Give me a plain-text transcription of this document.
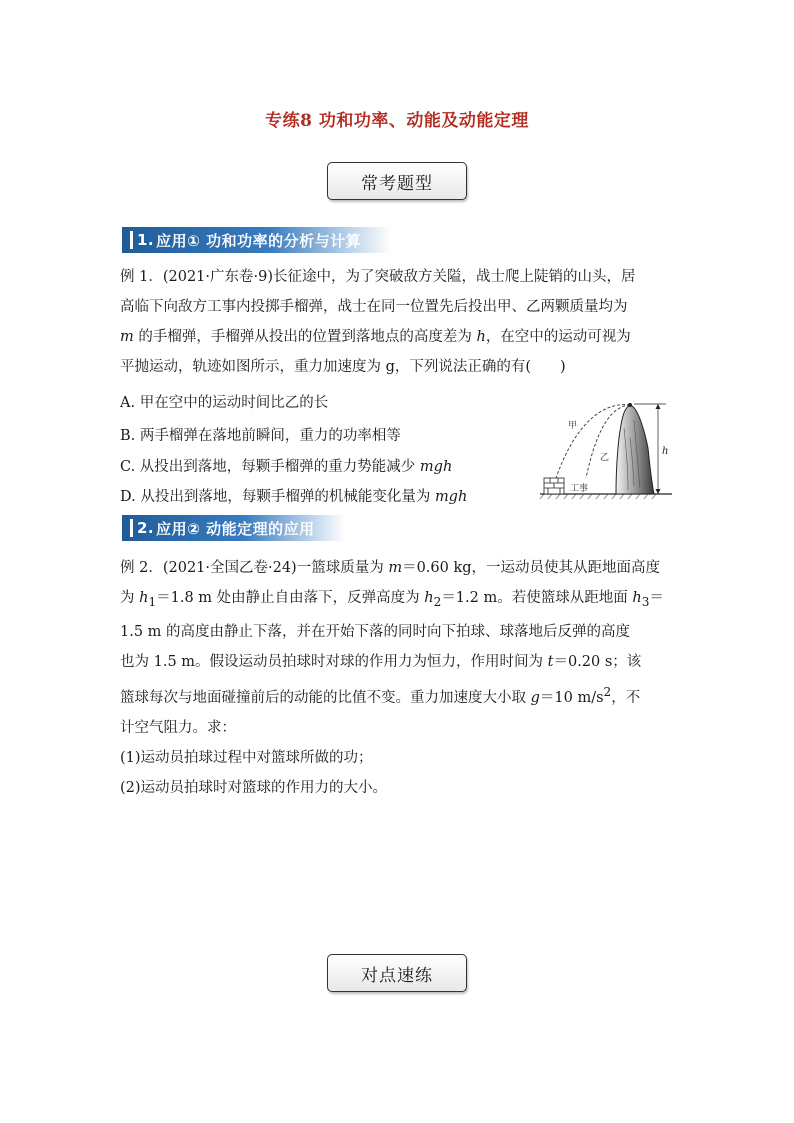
专练8 功和功率、动能及动能定理
常考题型
1. 应用① 功和功率的分析与计算

例 1．(2021·广东卷·9)长征途中，为了突破敌方关隘，战士爬上陡销的山头，居

高临下向敌方工事内投掷手榴弹，战士在同一位置先后投出甲、乙两颗质量均为

m 的手榴弹，手榴弹从投出的位置到落地点的高度差为 h，在空中的运动可视为

平抛运动，轨迹如图所示，重力加速度为 g，下列说法正确的有(　　)

A. 甲在空中的运动时间比乙的长
B. 两手榴弹在落地前瞬间，重力的功率相等
C. 从投出到落地，每颗手榴弹的重力势能减少 mgh
D. 从投出到落地，每颗手榴弹的机械能变化量为 mgh
甲
乙
h
工事
2. 应用② 动能定理的应用

例 2．(2021·全国乙卷·24)一篮球质量为 m＝0.60 kg，一运动员使其从距地面高度

为 $h_1=1.8$ m 处由静止自由落下，反弹高度为 $h_2=1.2$ m。若使篮球从距地面 $h_3=$

1.5 m 的高度由静止下落，并在开始下落的同时向下拍球、球落地后反弹的高度

也为 1.5 m。假设运动员拍球时对球的作用力为恒力，作用时间为 t＝0.20 s；该

篮球每次与地面碰撞前后的动能的比值不变。重力加速度大小取 g＝10 $m/s^2$，不

计空气阻力。求：

(1)运动员拍球过程中对篮球所做的功；

(2)运动员拍球时对篮球的作用力的大小。

对点速练
